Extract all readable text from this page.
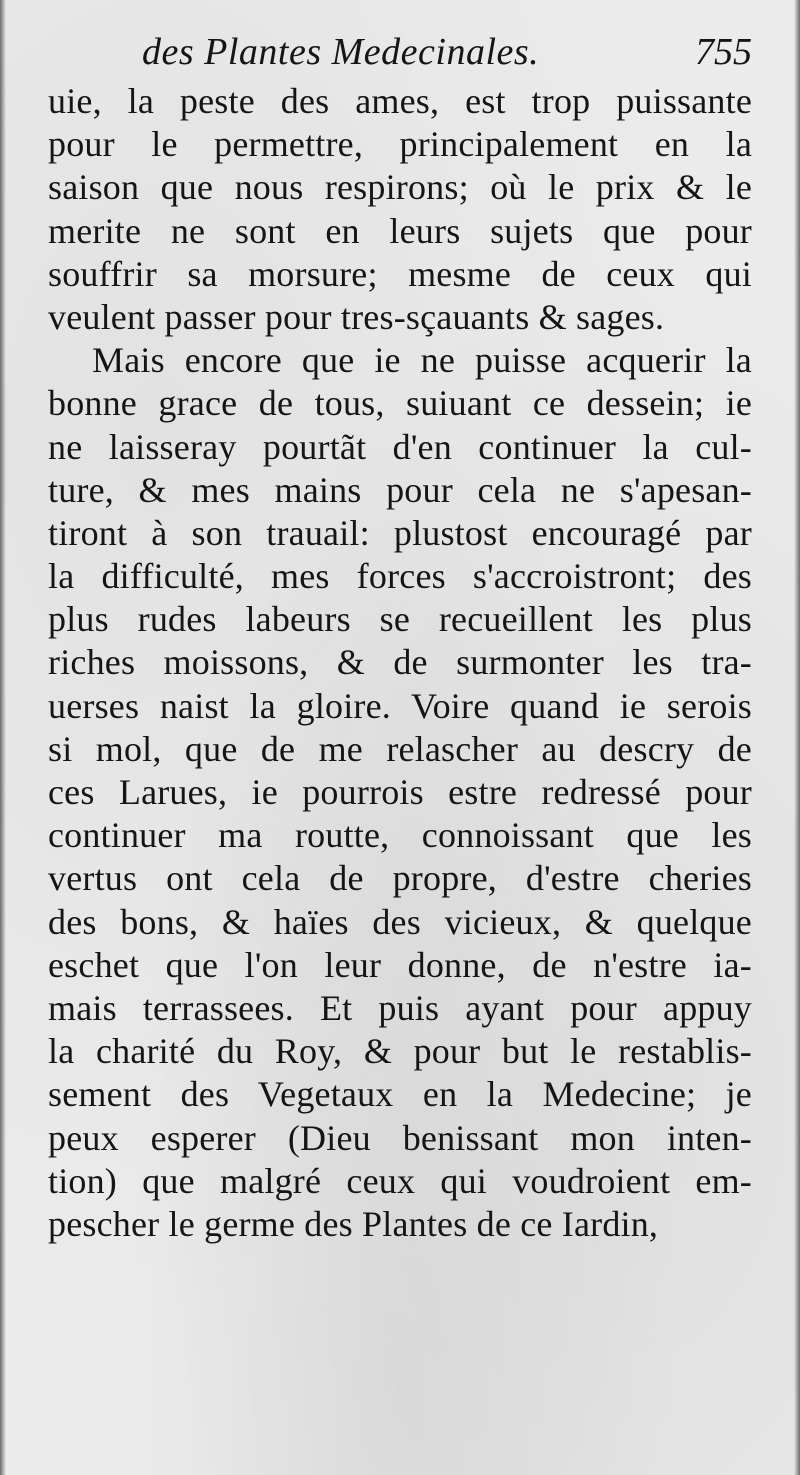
des Plantes Medecinales.	755
uie, la peste des ames, est trop puissante
pour le permettre, principalement en la
saison que nous respirons; où le prix & le
merite ne sont en leurs sujets que pour
souffrir sa morsure; mesme de ceux qui
veulent passer pour tres-sçauants & sages.
Mais encore que ie ne puisse acquerir la
bonne grace de tous, suiuant ce dessein; ie
ne laisseray pourtãt d'en continuer la cul-
ture, & mes mains pour cela ne s'apesan-
tiront à son trauail: plustost encouragé par
la difficulté, mes forces s'accroistront; des
plus rudes labeurs se recueillent les plus
riches moissons, & de surmonter les tra-
uerses naist la gloire. Voire quand ie serois
si mol, que de me relascher au descry de
ces Larues, ie pourrois estre redressé pour
continuer ma routte, connoissant que les
vertus ont cela de propre, d'estre cheries
des bons, & haïes des vicieux, & quelque
eschet que l'on leur donne, de n'estre ia-
mais terrassees. Et puis ayant pour appuy
la charité du Roy, & pour but le restablis-
sement des Vegetaux en la Medecine; je
peux esperer (Dieu benissant mon inten-
tion) que malgré ceux qui voudroient em-
pescher le germe des Plantes de ce Iardin,
